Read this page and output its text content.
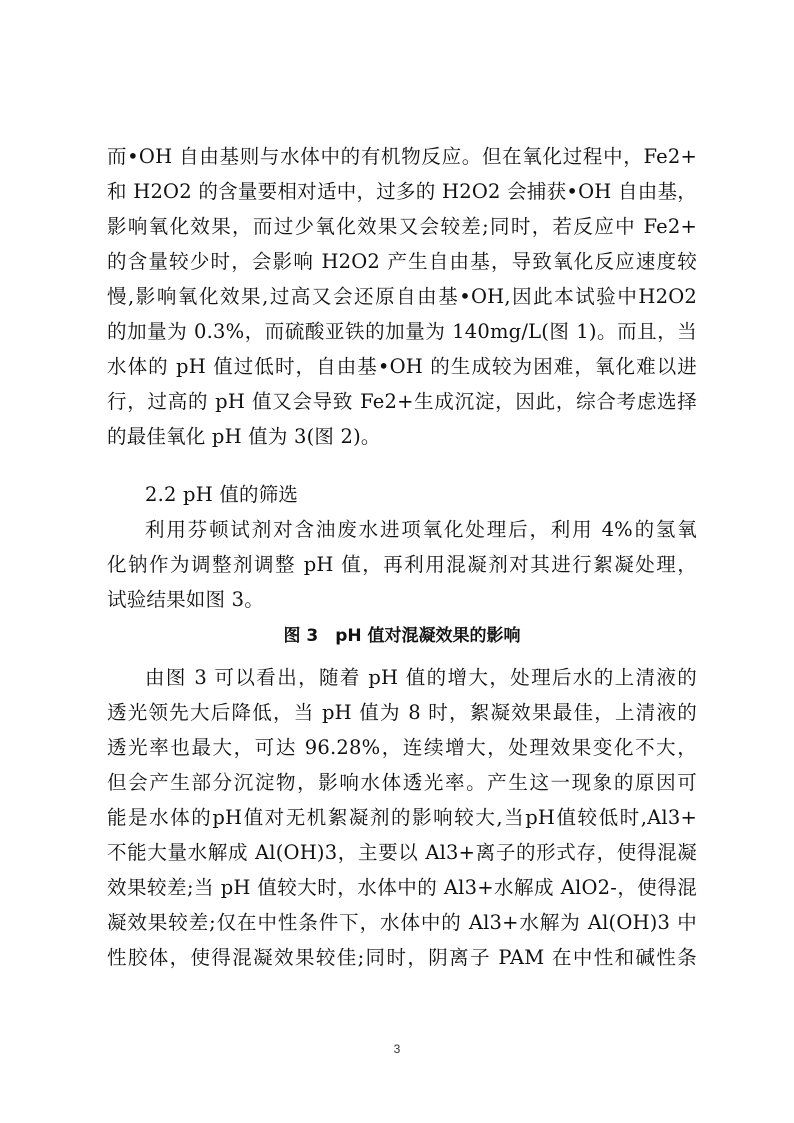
而•OH 自由基则与水体中的有机物反应。但在氧化过程中，Fe2+
和 H2O2 的含量要相对适中，过多的 H2O2 会捕获•OH 自由基，
影响氧化效果，而过少氧化效果又会较差;同时，若反应中 Fe2+
的含量较少时，会影响 H2O2 产生自由基，导致氧化反应速度较
慢,影响氧化效果,过高又会还原自由基•OH,因此本试验中H2O2
的加量为 0.3%，而硫酸亚铁的加量为 140mg/L(图 1)。而且，当
水体的 pH 值过低时，自由基•OH 的生成较为困难，氧化难以进
行，过高的 pH 值又会导致 Fe2+生成沉淀，因此，综合考虑选择
的最佳氧化 pH 值为 3(图 2)。
2.2 pH 值的筛选
利用芬顿试剂对含油废水进项氧化处理后，利用 4%的氢氧
化钠作为调整剂调整 pH 值，再利用混凝剂对其进行絮凝处理，
试验结果如图 3。
图 3　pH 值对混凝效果的影响
由图 3 可以看出，随着 pH 值的增大，处理后水的上清液的
透光领先大后降低，当 pH 值为 8 时，絮凝效果最佳，上清液的
透光率也最大，可达 96.28%，连续增大，处理效果变化不大，
但会产生部分沉淀物，影响水体透光率。产生这一现象的原因可
能是水体的pH值对无机絮凝剂的影响较大,当pH值较低时,Al3+
不能大量水解成 Al(OH)3，主要以 Al3+离子的形式存，使得混凝
效果较差;当 pH 值较大时，水体中的 Al3+水解成 AlO2-，使得混
凝效果较差;仅在中性条件下，水体中的 Al3+水解为 Al(OH)3 中
性胶体，使得混凝效果较佳;同时，阴离子 PAM 在中性和碱性条
3
